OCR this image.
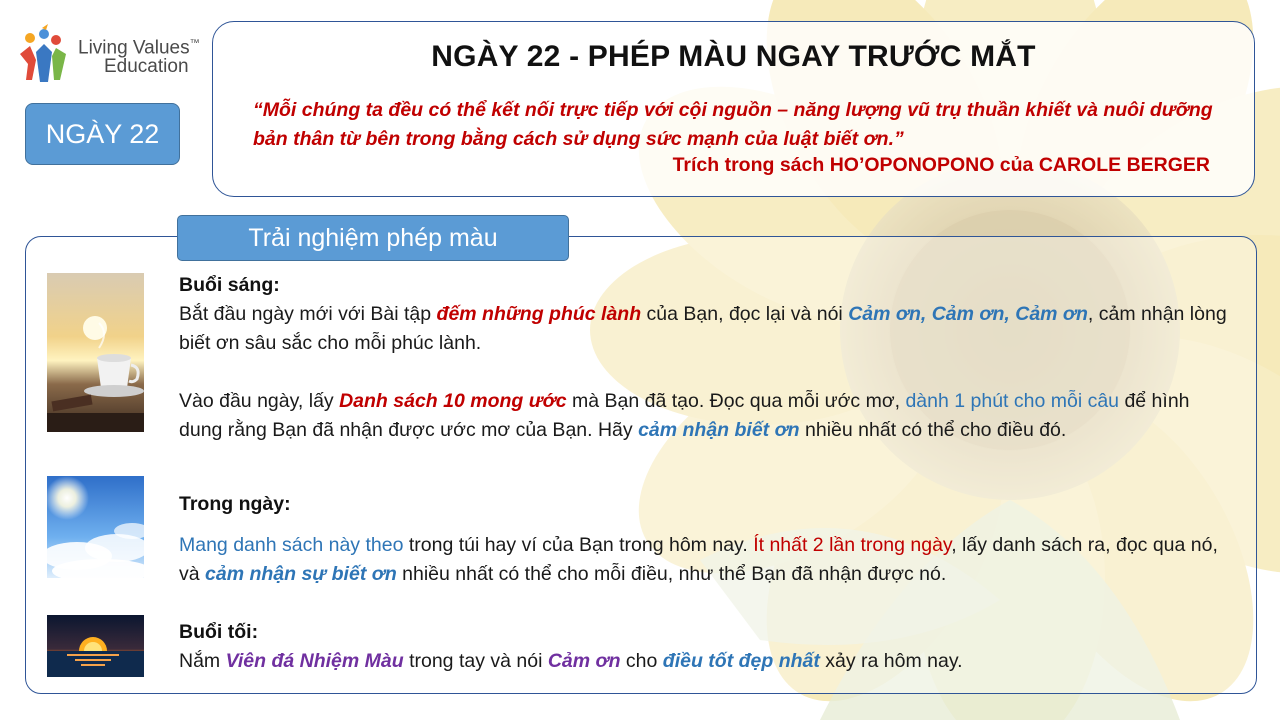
Living Values™
Education
NGÀY 22
NGÀY 22 - PHÉP MÀU NGAY TRƯỚC MẮT
“Mỗi chúng ta đều có thể kết nối trực tiếp với cội nguồn – năng lượng vũ trụ thuần khiết và nuôi dưỡng bản thân từ bên trong bằng cách sử dụng sức mạnh của luật biết ơn.”
Trích trong sách HO’OPONOPONO của CAROLE BERGER
Trải nghiệm phép màu

Buổi sáng:

Bắt đầu ngày mới với Bài tập đếm những phúc lành của Bạn, đọc lại và nói Cảm ơn, Cảm ơn, Cảm ơn, cảm nhận lòng biết ơn sâu sắc cho mỗi phúc lành.

Vào đầu ngày, lấy Danh sách 10 mong ước mà Bạn đã tạo. Đọc qua mỗi ước mơ, dành 1 phút cho mỗi câu để hình dung rằng Bạn đã nhận được ước mơ của Bạn. Hãy cảm nhận biết ơn nhiều nhất có thể cho điều đó.

Trong ngày:

Mang danh sách này theo trong túi hay ví của Bạn trong hôm nay. Ít nhất 2 lần trong ngày, lấy danh sách ra, đọc qua nó, và cảm nhận sự biết ơn nhiều nhất có thể cho mỗi điều, như thể Bạn đã nhận được nó.

Buổi tối:

Nắm Viên đá Nhiệm Màu trong tay và nói Cảm ơn cho điều tốt đẹp nhất xảy ra hôm nay.
